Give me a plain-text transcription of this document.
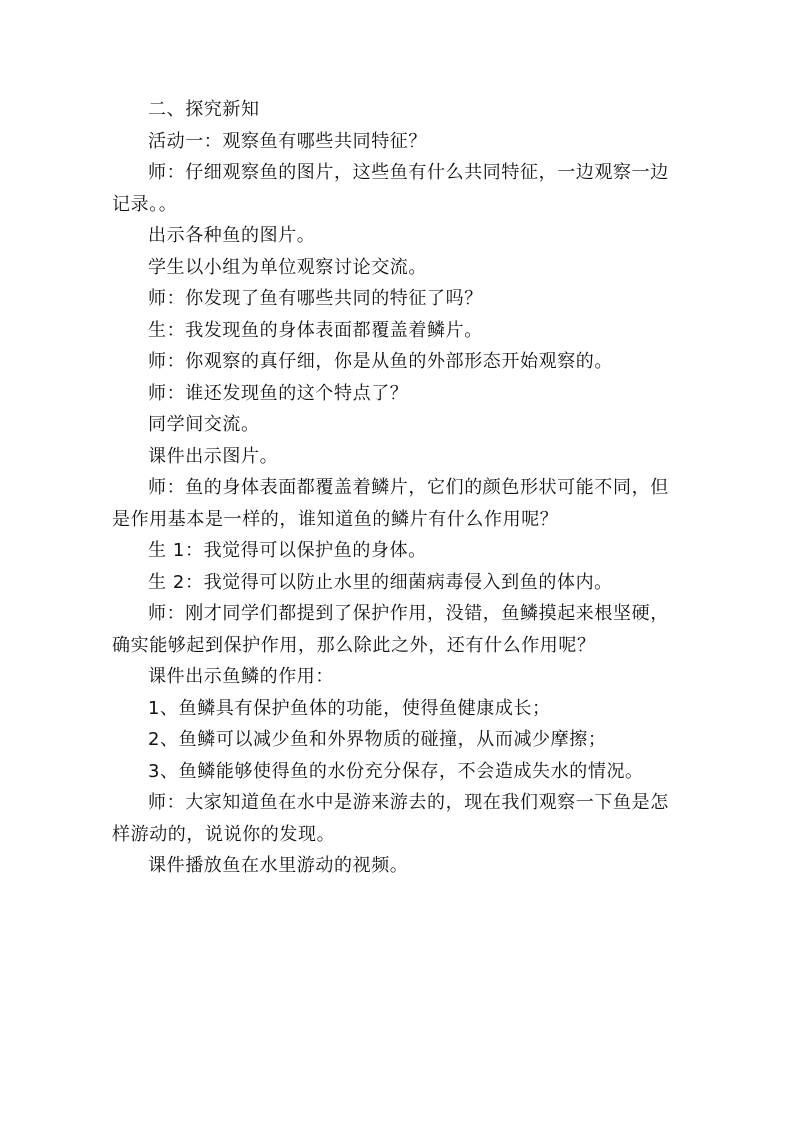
二、探究新知

活动一：观察鱼有哪些共同特征？

师：仔细观察鱼的图片，这些鱼有什么共同特征，一边观察一边记录。。

出示各种鱼的图片。

学生以小组为单位观察讨论交流。

师：你发现了鱼有哪些共同的特征了吗？

生：我发现鱼的身体表面都覆盖着鳞片。

师：你观察的真仔细，你是从鱼的外部形态开始观察的。

师：谁还发现鱼的这个特点了？

同学间交流。

课件出示图片。

师：鱼的身体表面都覆盖着鳞片，它们的颜色形状可能不同，但是作用基本是一样的，谁知道鱼的鳞片有什么作用呢？

生 1：我觉得可以保护鱼的身体。

生 2：我觉得可以防止水里的细菌病毒侵入到鱼的体内。

师：刚才同学们都提到了保护作用，没错，鱼鳞摸起来根坚硬，确实能够起到保护作用，那么除此之外，还有什么作用呢？

课件出示鱼鳞的作用：

1、鱼鳞具有保护鱼体的功能，使得鱼健康成长；

2、鱼鳞可以减少鱼和外界物质的碰撞，从而减少摩擦；

3、鱼鳞能够使得鱼的水份充分保存，不会造成失水的情况。

师：大家知道鱼在水中是游来游去的，现在我们观察一下鱼是怎样游动的，说说你的发现。

课件播放鱼在水里游动的视频。
